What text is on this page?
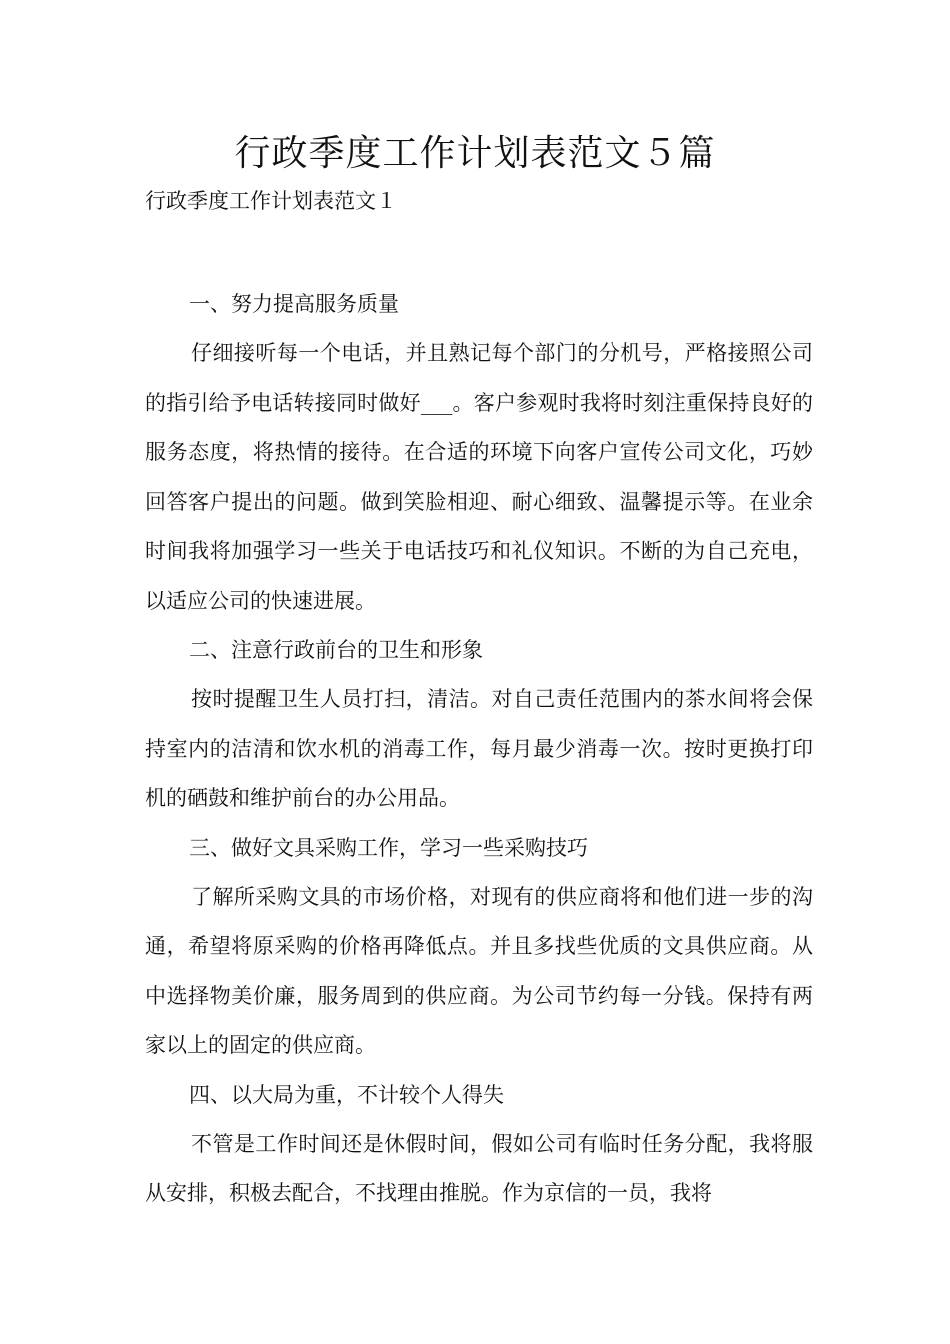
行政季度工作计划表范文５篇

行政季度工作计划表范文１

一、努力提高服务质量

仔细接听每一个电话，并且熟记每个部门的分机号，严格接照公司的指引给予电话转接同时做好___。客户参观时我将时刻注重保持良好的服务态度，将热情的接待。在合适的环境下向客户宣传公司文化，巧妙回答客户提出的问题。做到笑脸相迎、耐心细致、温馨提示等。在业余时间我将加强学习一些关于电话技巧和礼仪知识。不断的为自己充电，以适应公司的快速进展。

二、注意行政前台的卫生和形象

按时提醒卫生人员打扫，清洁。对自己责任范围内的茶水间将会保持室内的洁清和饮水机的消毒工作，每月最少消毒一次。按时更换打印机的硒鼓和维护前台的办公用品。

三、做好文具采购工作，学习一些采购技巧

了解所采购文具的市场价格，对现有的供应商将和他们进一步的沟通，希望将原采购的价格再降低点。并且多找些优质的文具供应商。从中选择物美价廉，服务周到的供应商。为公司节约每一分钱。保持有两家以上的固定的供应商。

四、以大局为重，不计较个人得失

不管是工作时间还是休假时间，假如公司有临时任务分配，我将服从安排，积极去配合，不找理由推脱。作为京信的一员，我将
